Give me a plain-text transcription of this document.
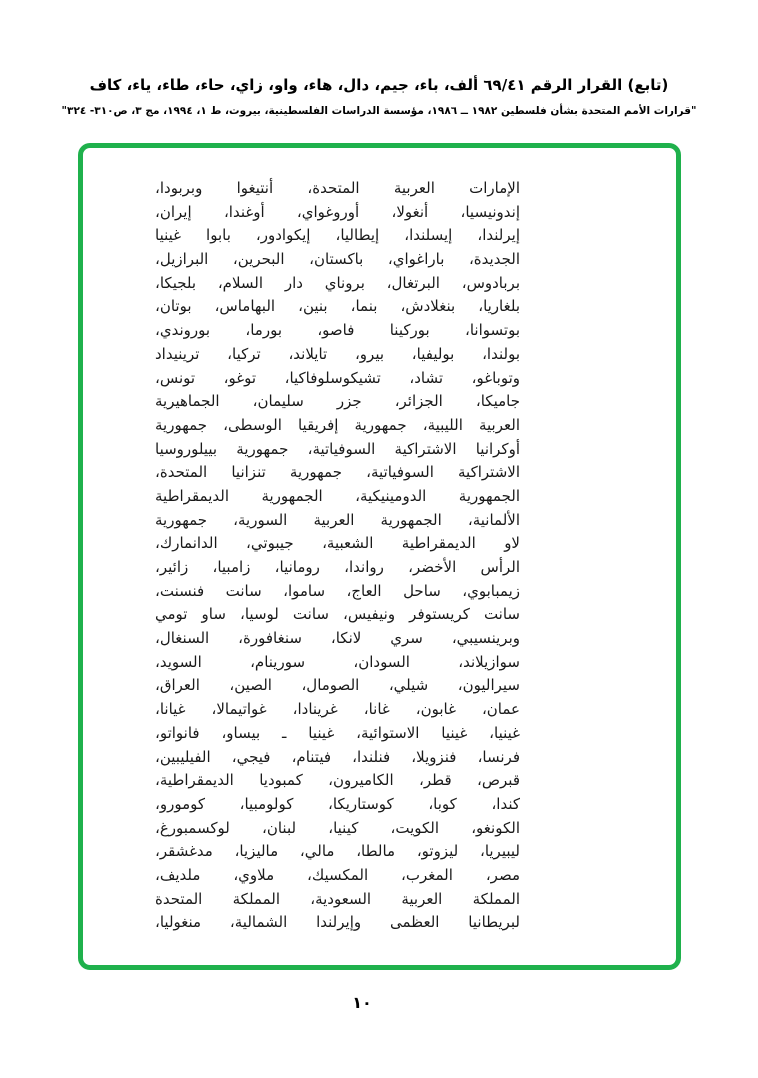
(تابع) القرار الرقم ٦٩/٤١ ألف، باء، جيم، دال، هاء، واو، زاي، حاء، طاء، ياء، كاف
"قرارات الأمم المتحدة بشأن فلسطين ١٩٨٢ ــ ١٩٨٦، مؤسسة الدراسات الفلسطينية، بيروت، ط ١، ١٩٩٤، مج ٣، ص٣١٠- ٣٢٤"
الإمارات العربية المتحدة، أنتيغوا وبربودا،
إندونيسيا، أنغولا، أوروغواي، أوغندا، إيران،
إيرلندا، إيسلندا، إيطاليا، إيكوادور، بابوا غينيا
الجديدة، باراغواي، باكستان، البحرين، البرازيل،
بربادوس، البرتغال، بروناي دار السلام، بلجيكا،
بلغاريا، بنغلادش، بنما، بنين، البهاماس، بوتان،
بوتسوانا، بوركينا فاصو، بورما، بوروندي،
بولندا، بوليفيا، بيرو، تايلاند، تركيا، ترينيداد
وتوباغو، تشاد، تشيكوسلوفاكيا، توغو، تونس،
جاميكا، الجزائر، جزر سليمان، الجماهيرية
العربية الليبية، جمهورية إفريقيا الوسطى، جمهورية
أوكرانيا الاشتراكية السوفياتية، جمهورية بييلوروسيا
الاشتراكية السوفياتية، جمهورية تنزانيا المتحدة،
الجمهورية الدومينيكية، الجمهورية الديمقراطية
الألمانية، الجمهورية العربية السورية، جمهورية
لاو الديمقراطية الشعبية، جيبوتي، الدانمارك،
الرأس الأخضر، رواندا، رومانيا، زامبيا، زائير،
زيمبابوي، ساحل العاج، ساموا، سانت فنسنت،
سانت كريستوفر ونيفيس، سانت لوسيا، ساو تومي
وبرينسيبي، سري لانكا، سنغافورة، السنغال،
سوازيلاند، السودان، سورينام، السويد،
سيراليون، شيلي، الصومال، الصين، العراق،
عمان، غابون، غانا، غرينادا، غواتيمالا، غيانا،
غينيا، غينيا الاستوائية، غينيا ـ بيساو، فانواتو،
فرنسا، فنزويلا، فنلندا، فيتنام، فيجي، الفيليبين،
قبرص، قطر، الكاميرون، كمبوديا الديمقراطية،
كندا، كوبا، كوستاريكا، كولومبيا، كومورو،
الكونغو، الكويت، كينيا، لبنان، لوكسمبورغ،
ليبيريا، ليزوتو، مالطا، مالي، ماليزيا، مدغشقر،
مصر، المغرب، المكسيك، ملاوي، ملديف،
المملكة العربية السعودية، المملكة المتحدة
لبريطانيا العظمى وإيرلندا الشمالية، منغوليا،
١٠
